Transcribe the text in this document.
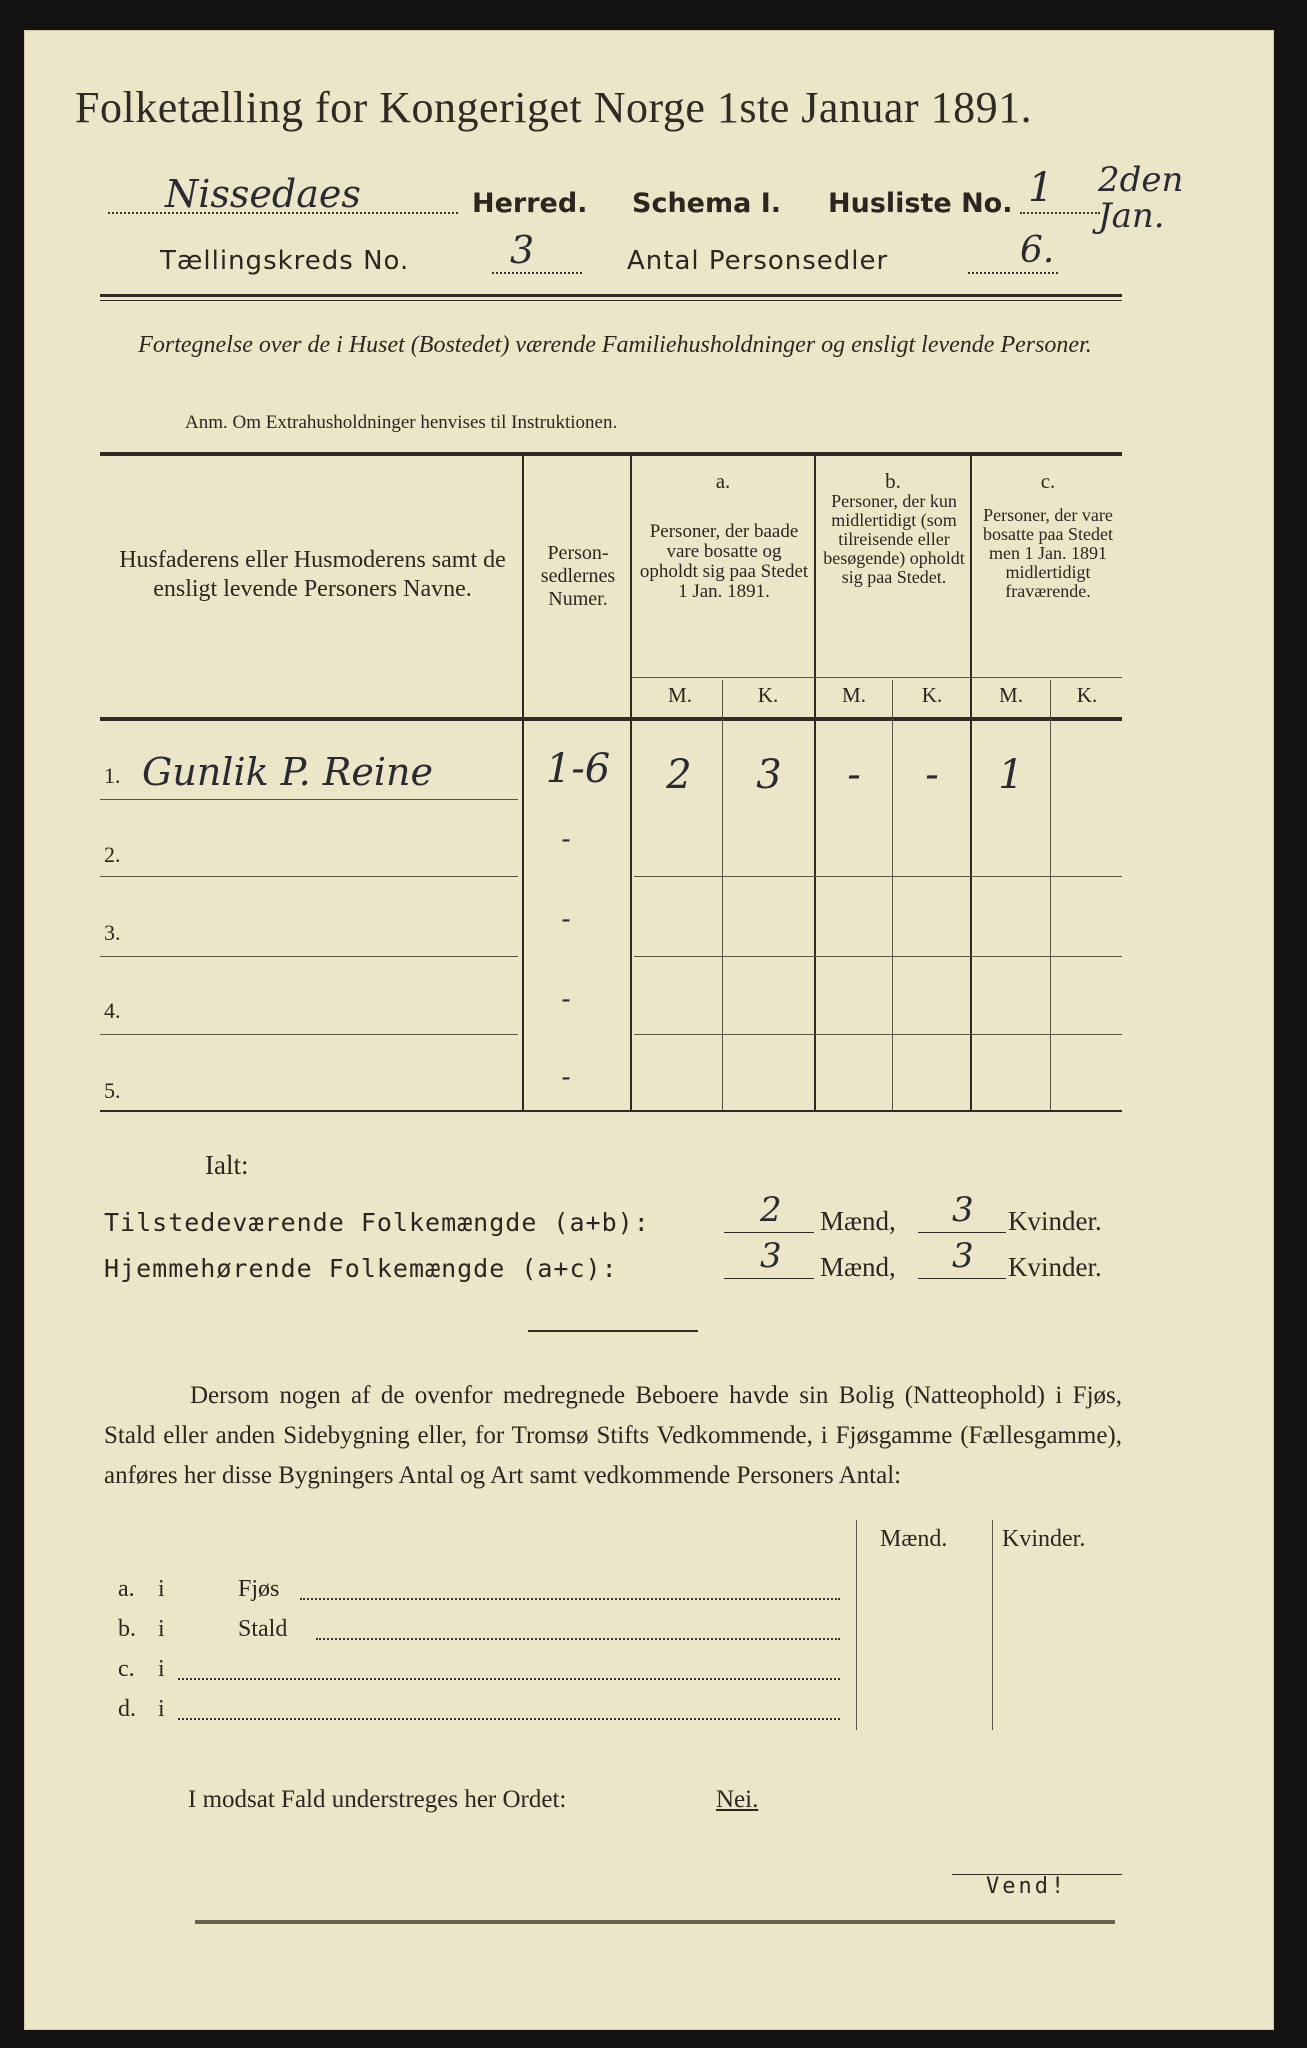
Folketælling for Kongeriget Norge 1ste Januar 1891.
Nissedaes	Herred. Schema I. Husliste No. 1 2den Jan.
Tællingskreds No.	3	Antal Personsedler	6.
Fortegnelse over de i Huset (Bostedet) værende Familiehusholdninger og ensligt levende Personer.
Anm. Om Extrahusholdninger henvises til Instruktionen.
Husfaderens eller Husmoderens samt de ensligt levende Personers Navne.
Person-sedlernes Numer.
a.
Personer, der baade vare bosatte og opholdt sig paa Stedet 1 Jan. 1891.
b.
Personer, der kun midlertidigt (som tilreisende eller besøgende) opholdt sig paa Stedet.
c.
Personer, der vare bosatte paa Stedet men 1 Jan. 1891 midlertidigt fraværende.
M.	K.	M.	K.	M.	K.
1. Gunlik P. Reine	1-6	2	3	-	-	1
2.	-
3.	-
4.	-
5.	-
Ialt:
Tilstedeværende Folkemængde (a+b):	2 Mænd, 3 Kvinder.
Hjemmehørende Folkemængde (a+c):	3 Mænd, 3 Kvinder.
Dersom nogen af de ovenfor medregnede Beboere havde sin Bolig (Natteophold) i Fjøs, Stald eller anden Sidebygning eller, for Tromsø Stifts Vedkommende, i Fjøsgamme (Fællesgamme), anføres her disse Bygningers Antal og Art samt vedkommende Personers Antal:
Mænd. Kvinder.
a. i	Fjøs
b. i	Stald
c. i
d. i
I modsat Fald understreges her Ordet:	Nei.
Vend!
